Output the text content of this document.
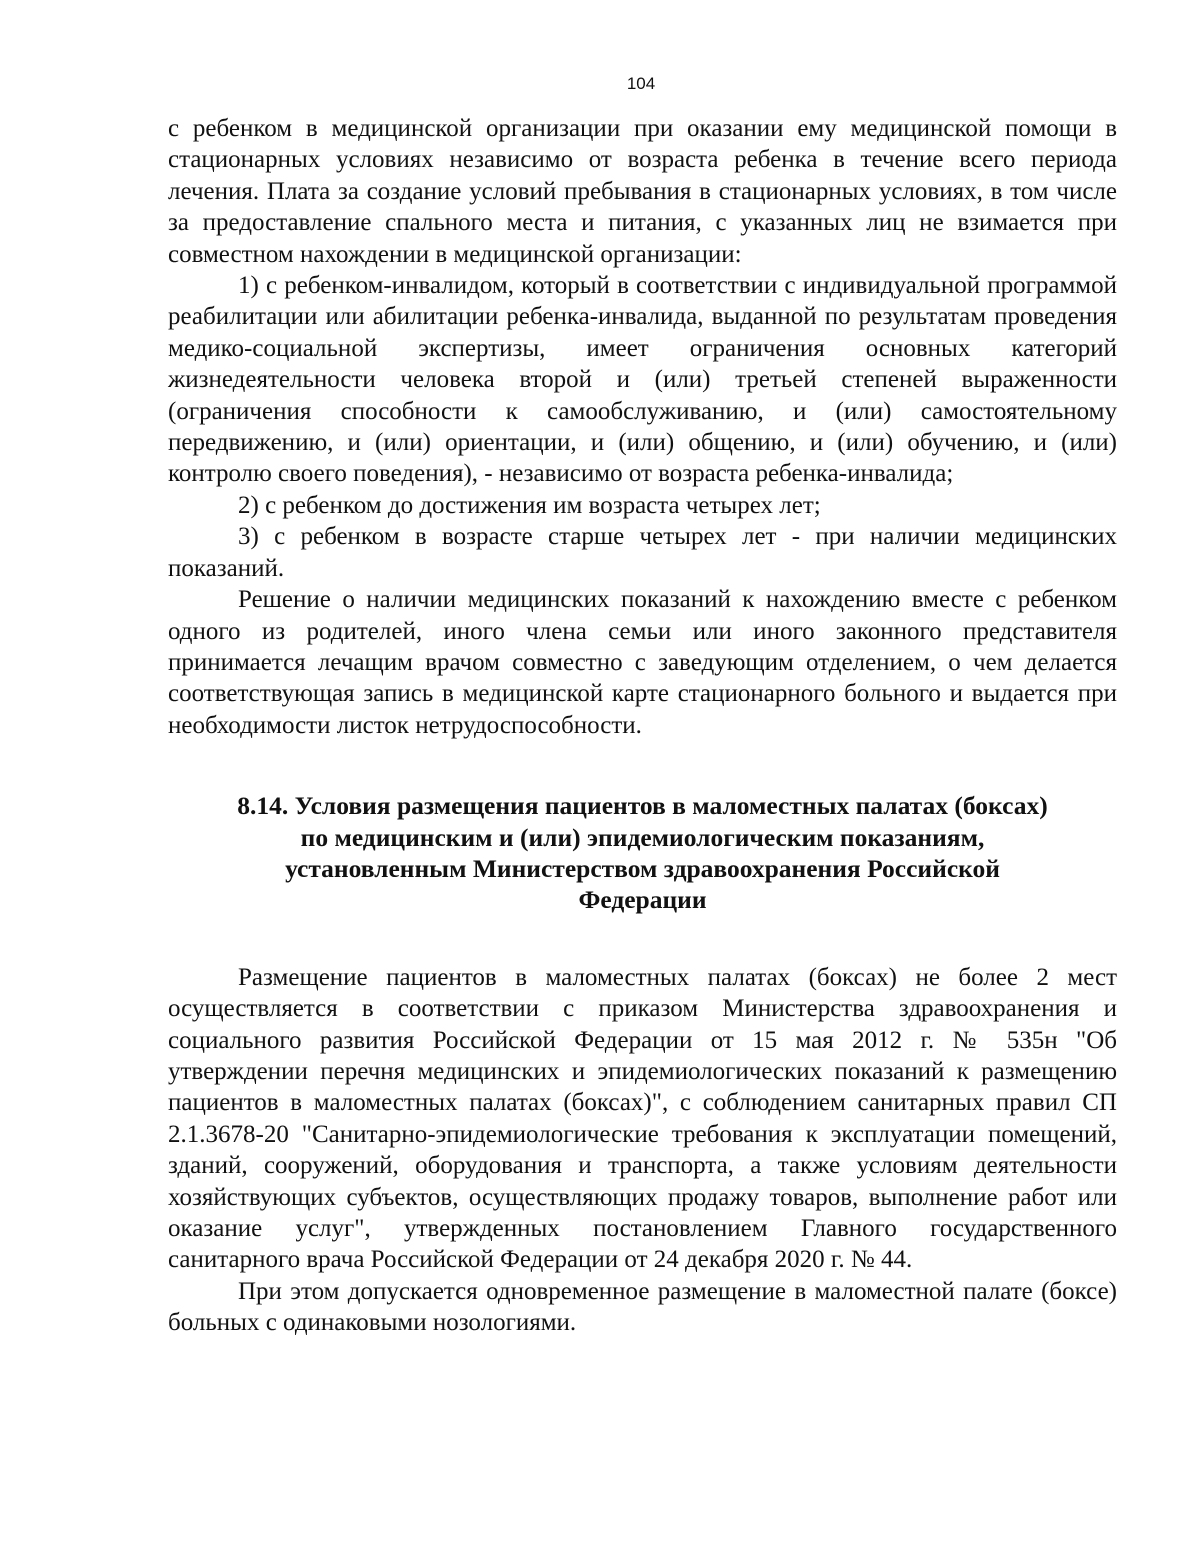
104

с ребенком в медицинской организации при оказании ему медицинской помощи в стационарных условиях независимо от возраста ребенка в течение всего периода лечения. Плата за создание условий пребывания в стационарных условиях, в том числе за предоставление спального места и питания, с указанных лиц не взимается при совместном нахождении в медицинской организации:

1) с ребенком-инвалидом, который в соответствии с индивидуальной программой реабилитации или абилитации ребенка-инвалида, выданной по результатам проведения медико-социальной экспертизы, имеет ограничения основных категорий жизнедеятельности человека второй и (или) третьей степеней выраженности (ограничения способности к самообслуживанию, и (или) самостоятельному передвижению, и (или) ориентации, и (или) общению, и (или) обучению, и (или) контролю своего поведения), - независимо от возраста ребенка-инвалида;

2) с ребенком до достижения им возраста четырех лет;

3) с ребенком в возрасте старше четырех лет - при наличии медицинских показаний.

Решение о наличии медицинских показаний к нахождению вместе с ребенком одного из родителей, иного члена семьи или иного законного представителя принимается лечащим врачом совместно с заведующим отделением, о чем делается соответствующая запись в медицинской карте стационарного больного и выдается при необходимости листок нетрудоспособности.

8.14. Условия размещения пациентов в маломестных палатах (боксах) по медицинским и (или) эпидемиологическим показаниям, установленным Министерством здравоохранения Российской Федерации

Размещение пациентов в маломестных палатах (боксах) не более 2 мест осуществляется в соответствии с приказом Министерства здравоохранения и социального развития Российской Федерации от 15 мая 2012 г. № 535н "Об утверждении перечня медицинских и эпидемиологических показаний к размещению пациентов в маломестных палатах (боксах)", с соблюдением санитарных правил СП 2.1.3678-20 "Санитарно-эпидемиологические требования к эксплуатации помещений, зданий, сооружений, оборудования и транспорта, а также условиям деятельности хозяйствующих субъектов, осуществляющих продажу товаров, выполнение работ или оказание услуг", утвержденных постановлением Главного государственного санитарного врача Российской Федерации от 24 декабря 2020 г. № 44.

При этом допускается одновременное размещение в маломестной палате (боксе) больных с одинаковыми нозологиями.
